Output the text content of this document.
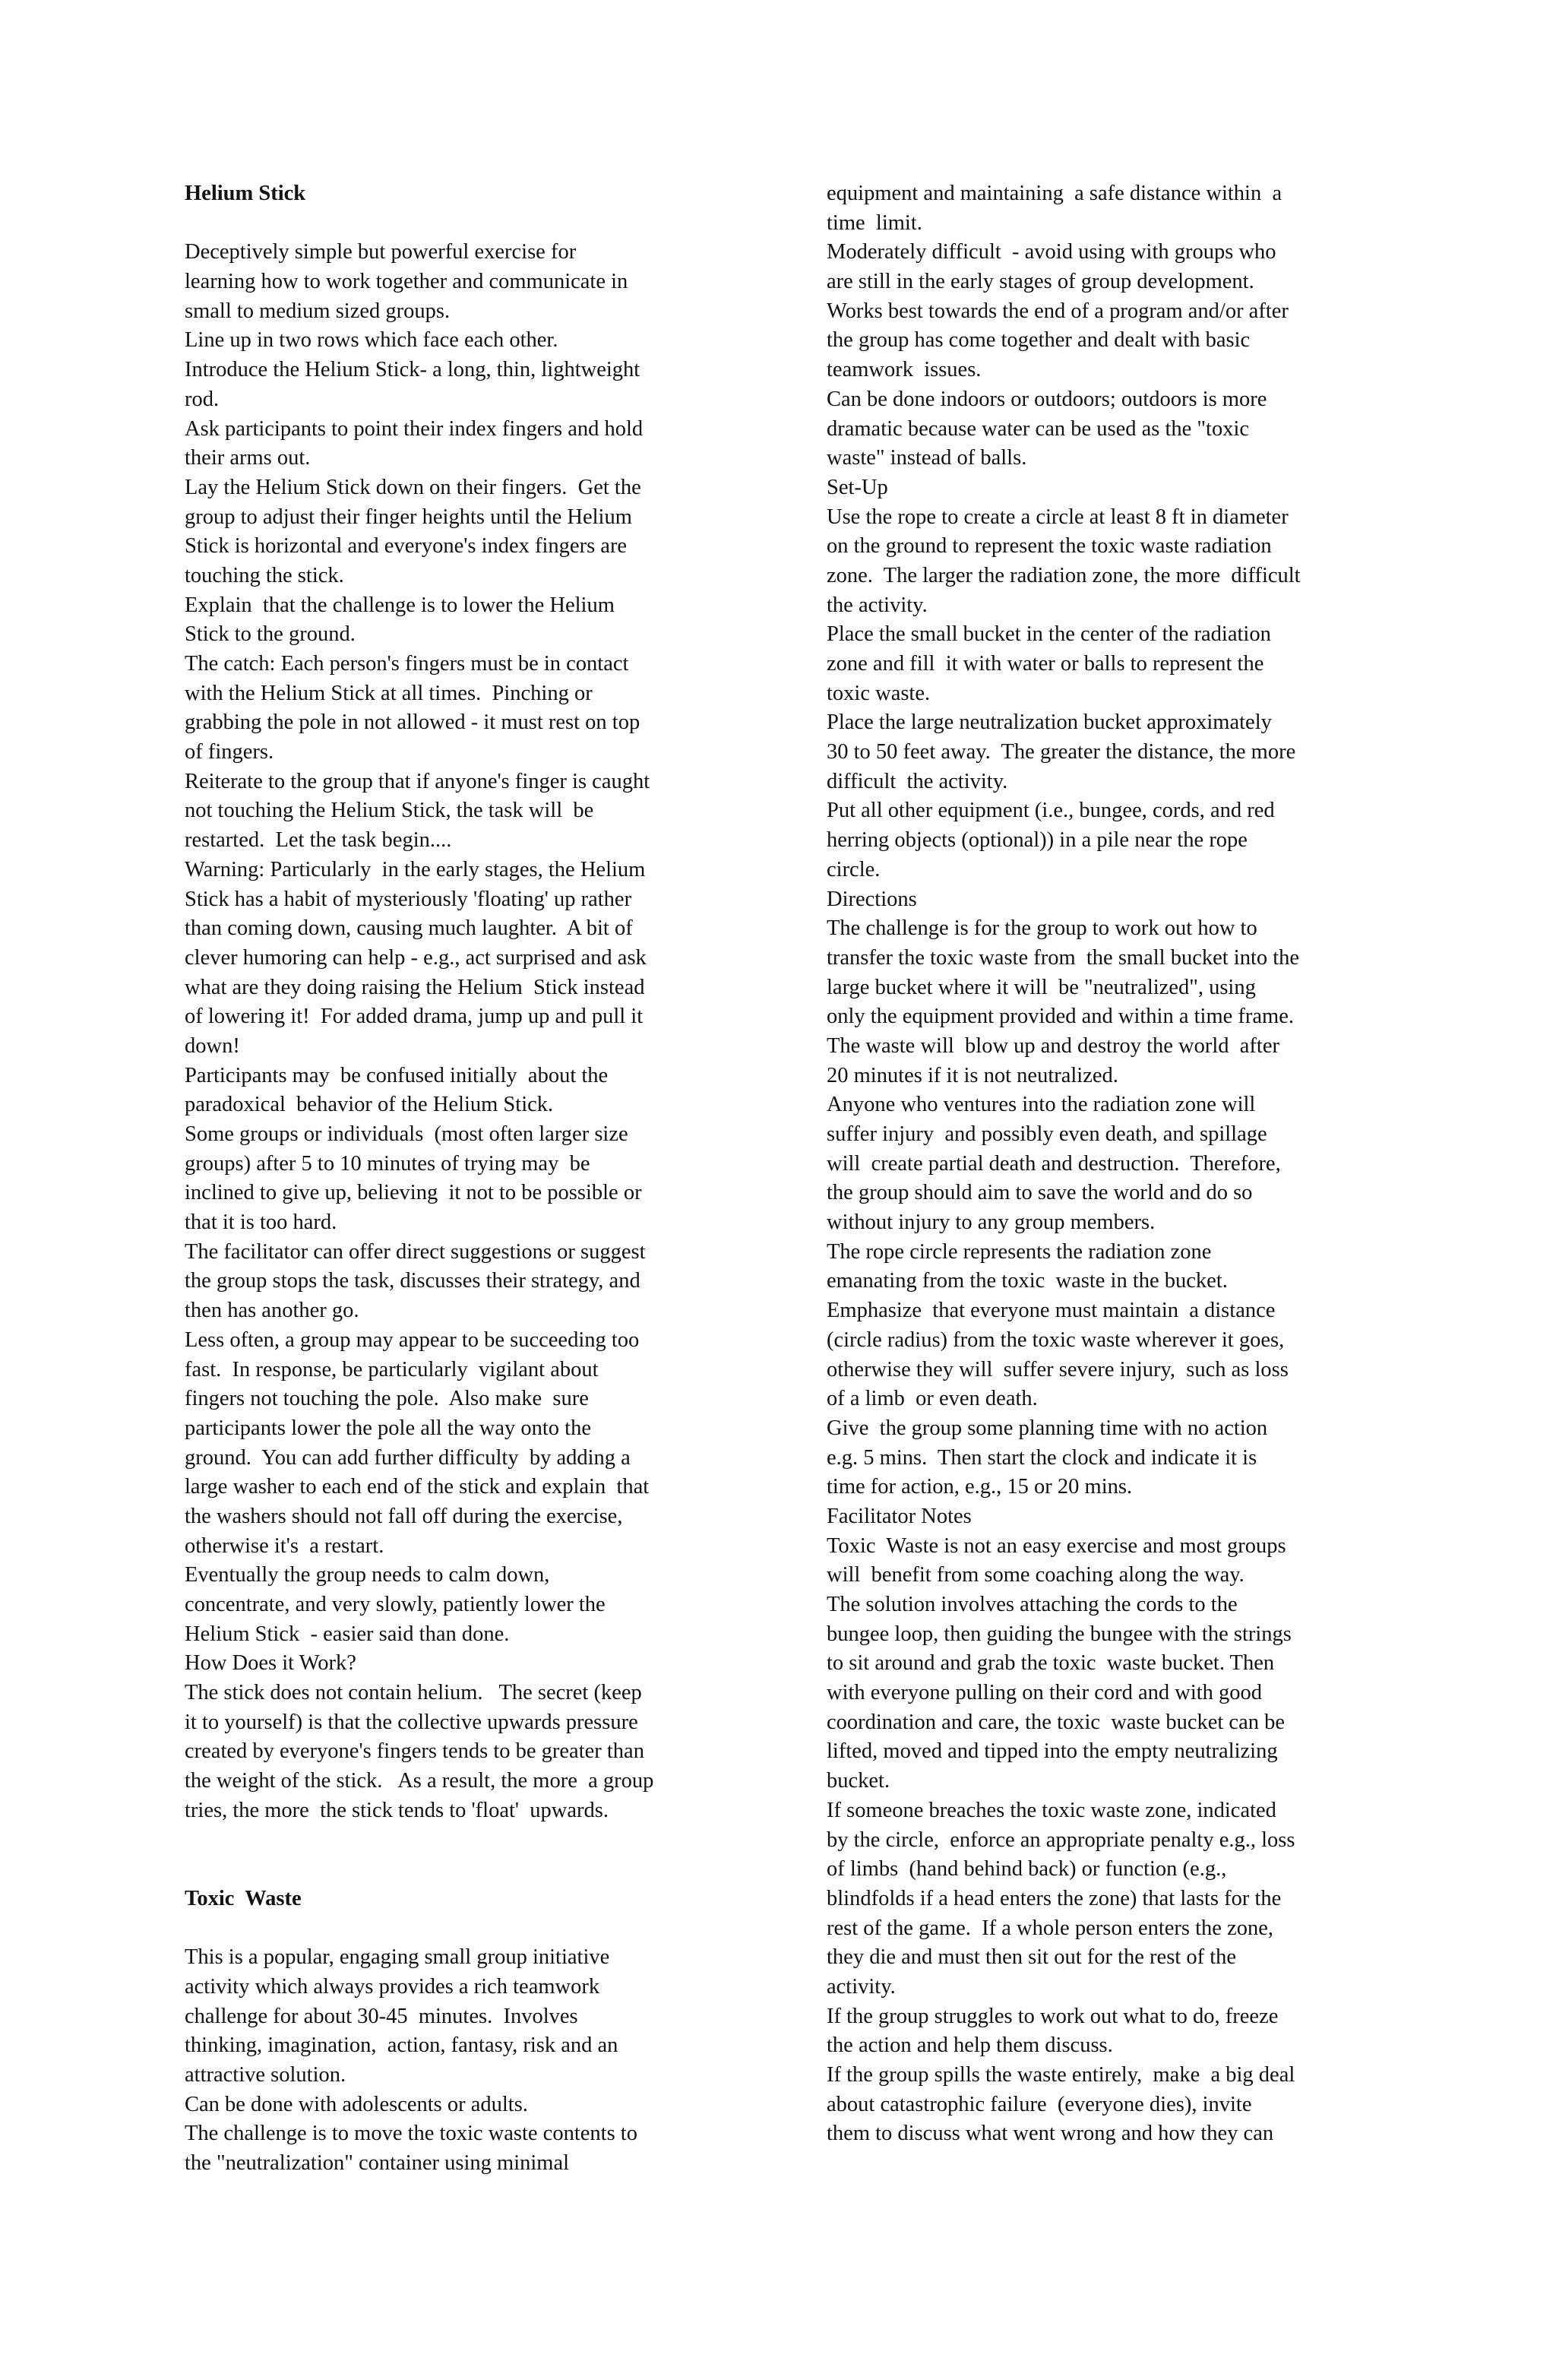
Helium Stick
Deceptively simple but powerful exercise for
learning how to work together and communicate in
small to medium sized groups.
Line up in two rows which face each other.
Introduce the Helium Stick- a long, thin, lightweight
rod.
Ask participants to point their index fingers and hold
their arms out.
Lay the Helium Stick down on their fingers.  Get the
group to adjust their finger heights until the Helium
Stick is horizontal and everyone's index fingers are
touching the stick.
Explain  that the challenge is to lower the Helium
Stick to the ground.
The catch: Each person's fingers must be in contact
with the Helium Stick at all times.  Pinching or
grabbing the pole in not allowed - it must rest on top
of fingers.
Reiterate to the group that if anyone's finger is caught
not touching the Helium Stick, the task will  be
restarted.  Let the task begin....
Warning: Particularly  in the early stages, the Helium
Stick has a habit of mysteriously 'floating' up rather
than coming down, causing much laughter.  A bit of
clever humoring can help - e.g., act surprised and ask
what are they doing raising the Helium  Stick instead
of lowering it!  For added drama, jump up and pull it
down!
Participants may  be confused initially  about the
paradoxical  behavior of the Helium Stick.
Some groups or individuals  (most often larger size
groups) after 5 to 10 minutes of trying may  be
inclined to give up, believing  it not to be possible or
that it is too hard.
The facilitator can offer direct suggestions or suggest
the group stops the task, discusses their strategy, and
then has another go.
Less often, a group may appear to be succeeding too
fast.  In response, be particularly  vigilant about
fingers not touching the pole.  Also make  sure
participants lower the pole all the way onto the
ground.  You can add further difficulty  by adding a
large washer to each end of the stick and explain  that
the washers should not fall off during the exercise,
otherwise it's  a restart.
Eventually the group needs to calm down,
concentrate, and very slowly, patiently lower the
Helium Stick  - easier said than done.
How Does it Work?
The stick does not contain helium.   The secret (keep
it to yourself) is that the collective upwards pressure
created by everyone's fingers tends to be greater than
the weight of the stick.   As a result, the more  a group
tries, the more  the stick tends to 'float'  upwards.
Toxic  Waste
This is a popular, engaging small group initiative
activity which always provides a rich teamwork
challenge for about 30-45  minutes.  Involves
thinking, imagination,  action, fantasy, risk and an
attractive solution.
Can be done with adolescents or adults.
The challenge is to move the toxic waste contents to
the "neutralization" container using minimal
equipment and maintaining  a safe distance within  a
time  limit.
Moderately difficult  - avoid using with groups who
are still in the early stages of group development.
Works best towards the end of a program and/or after
the group has come together and dealt with basic
teamwork  issues.
Can be done indoors or outdoors; outdoors is more
dramatic because water can be used as the "toxic
waste" instead of balls.
Set-Up
Use the rope to create a circle at least 8 ft in diameter
on the ground to represent the toxic waste radiation
zone.  The larger the radiation zone, the more  difficult
the activity.
Place the small bucket in the center of the radiation
zone and fill  it with water or balls to represent the
toxic waste.
Place the large neutralization bucket approximately
30 to 50 feet away.  The greater the distance, the more
difficult  the activity.
Put all other equipment (i.e., bungee, cords, and red
herring objects (optional)) in a pile near the rope
circle.
Directions
The challenge is for the group to work out how to
transfer the toxic waste from  the small bucket into the
large bucket where it will  be "neutralized", using
only the equipment provided and within a time frame.
The waste will  blow up and destroy the world  after
20 minutes if it is not neutralized.
Anyone who ventures into the radiation zone will
suffer injury  and possibly even death, and spillage
will  create partial death and destruction.  Therefore,
the group should aim to save the world and do so
without injury to any group members.
The rope circle represents the radiation zone
emanating from the toxic  waste in the bucket.
Emphasize  that everyone must maintain  a distance
(circle radius) from the toxic waste wherever it goes,
otherwise they will  suffer severe injury,  such as loss
of a limb  or even death.
Give  the group some planning time with no action
e.g. 5 mins.  Then start the clock and indicate it is
time for action, e.g., 15 or 20 mins.
Facilitator Notes
Toxic  Waste is not an easy exercise and most groups
will  benefit from some coaching along the way.
The solution involves attaching the cords to the
bungee loop, then guiding the bungee with the strings
to sit around and grab the toxic  waste bucket. Then
with everyone pulling on their cord and with good
coordination and care, the toxic  waste bucket can be
lifted, moved and tipped into the empty neutralizing
bucket.
If someone breaches the toxic waste zone, indicated
by the circle,  enforce an appropriate penalty e.g., loss
of limbs  (hand behind back) or function (e.g.,
blindfolds if a head enters the zone) that lasts for the
rest of the game.  If a whole person enters the zone,
they die and must then sit out for the rest of the
activity.
If the group struggles to work out what to do, freeze
the action and help them discuss.
If the group spills the waste entirely,  make  a big deal
about catastrophic failure  (everyone dies), invite
them to discuss what went wrong and how they can
